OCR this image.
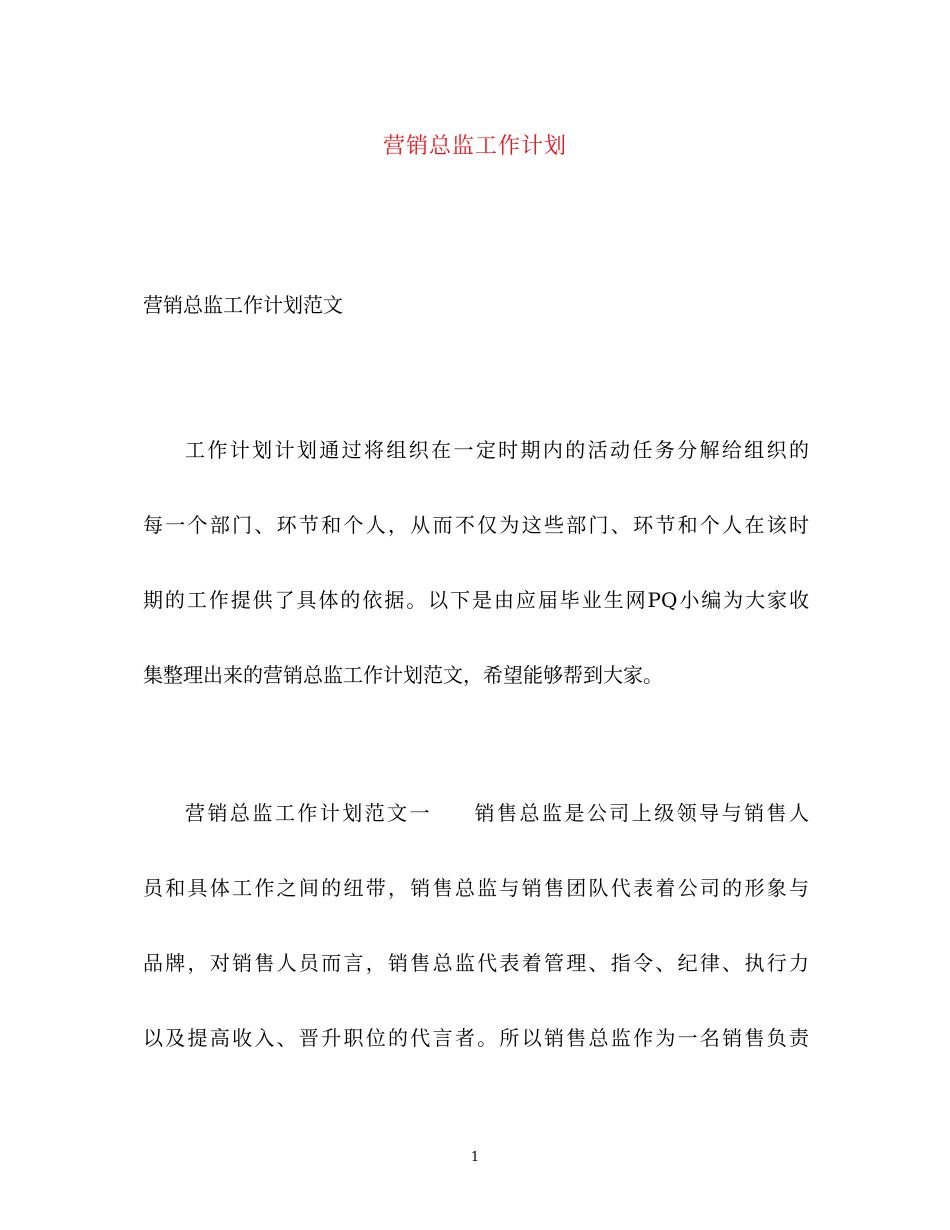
营销总监工作计划
营销总监工作计划范文
工作计划计划通过将组织在一定时期内的活动任务分解给组织的
每一个部门、环节和个人，从而不仅为这些部门、环节和个人在该时
期的工作提供了具体的依据。以下是由应届毕业生网PQ小编为大家收
集整理出来的营销总监工作计划范文，希望能够帮到大家。
营销总监工作计划范文一 销售总监是公司上级领导与销售人
员和具体工作之间的纽带，销售总监与销售团队代表着公司的形象与
品牌，对销售人员而言，销售总监代表着管理、指令、纪律、执行力
以及提高收入、晋升职位的代言者。所以销售总监作为一名销售负责
1
